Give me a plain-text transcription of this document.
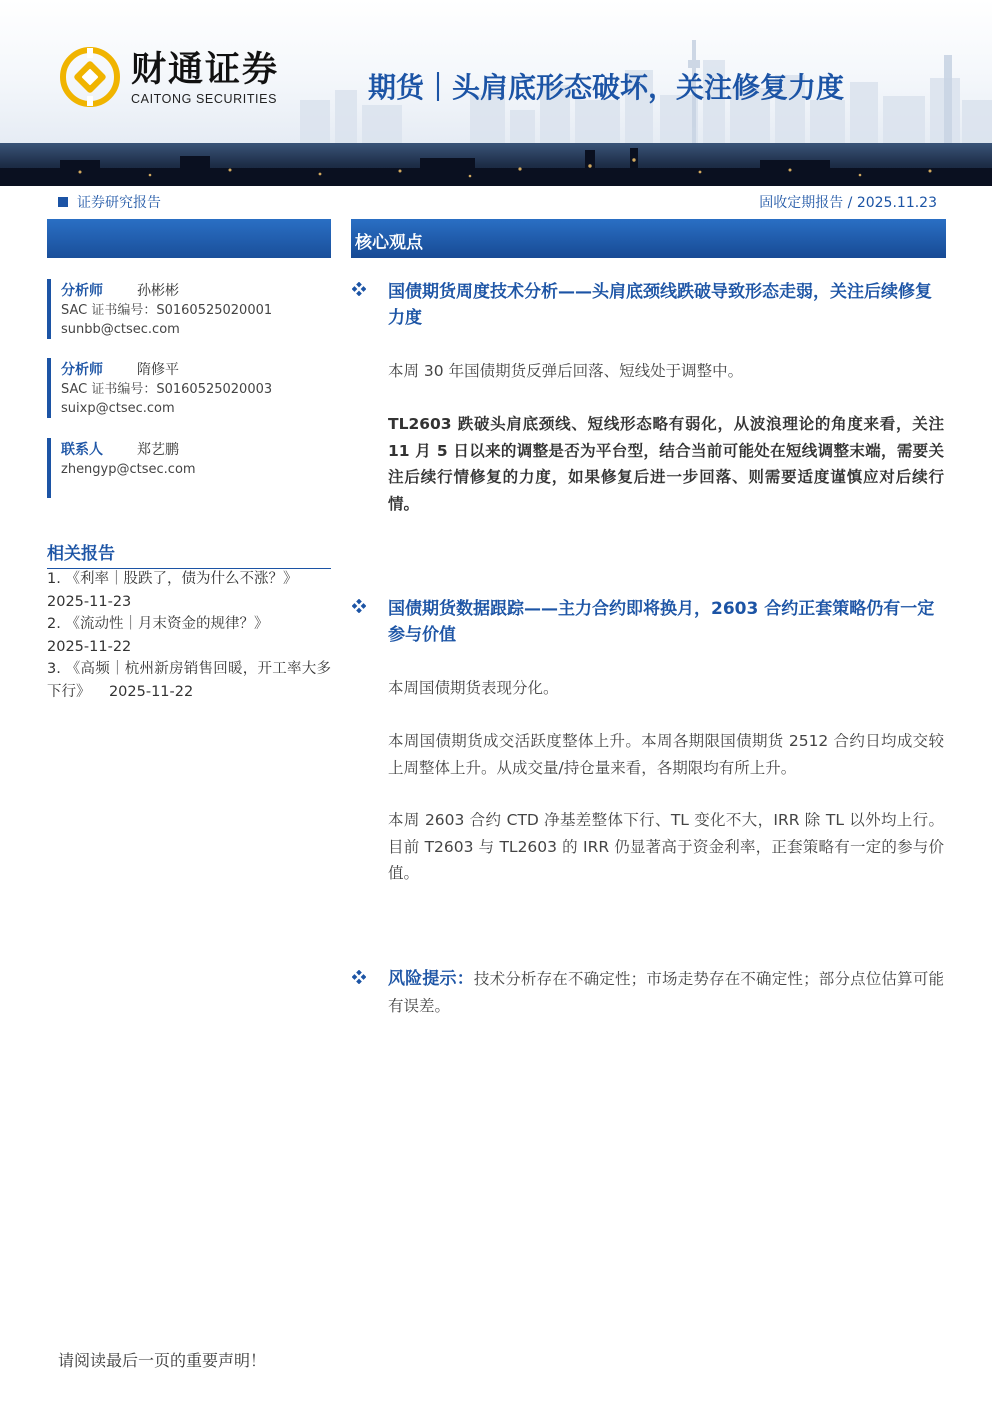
财通证券
CAITONG SECURITIES	期货｜头肩底形态破坏，关注修复力度
证券研究报告	固收定期报告 / 2025.11.23
分析师 孙彬彬
SAC 证书编号：S0160525020001
sunbb@ctsec.com
分析师 隋修平
SAC 证书编号：S0160525020003
suixp@ctsec.com
联系人 郑艺鹏
zhengyp@ctsec.com
相关报告
1. 《利率｜股跌了，债为什么不涨？》
2025-11-23
2. 《流动性｜月末资金的规律？》
2025-11-22
3. 《高频｜杭州新房销售回暖，开工率大多下行》 2025-11-22
核心观点
国债期货周度技术分析——头肩底颈线跌破导致形态走弱，关注后续修复力度
本周 30 年国债期货反弹后回落、短线处于调整中。
TL2603 跌破头肩底颈线、短线形态略有弱化，从波浪理论的角度来看，关注 11 月 5 日以来的调整是否为平台型，结合当前可能处在短线调整末端，需要关注后续行情修复的力度，如果修复后进一步回落、则需要适度谨慎应对后续行情。
国债期货数据跟踪——主力合约即将换月，2603 合约正套策略仍有一定参与价值
本周国债期货表现分化。
本周国债期货成交活跃度整体上升。本周各期限国债期货 2512 合约日均成交较上周整体上升。从成交量/持仓量来看，各期限均有所上升。
本周 2603 合约 CTD 净基差整体下行、TL 变化不大，IRR 除 TL 以外均上行。目前 T2603 与 TL2603 的 IRR 仍显著高于资金利率，正套策略有一定的参与价值。
风险提示：技术分析存在不确定性；市场走势存在不确定性；部分点位估算可能有误差。
请阅读最后一页的重要声明！
